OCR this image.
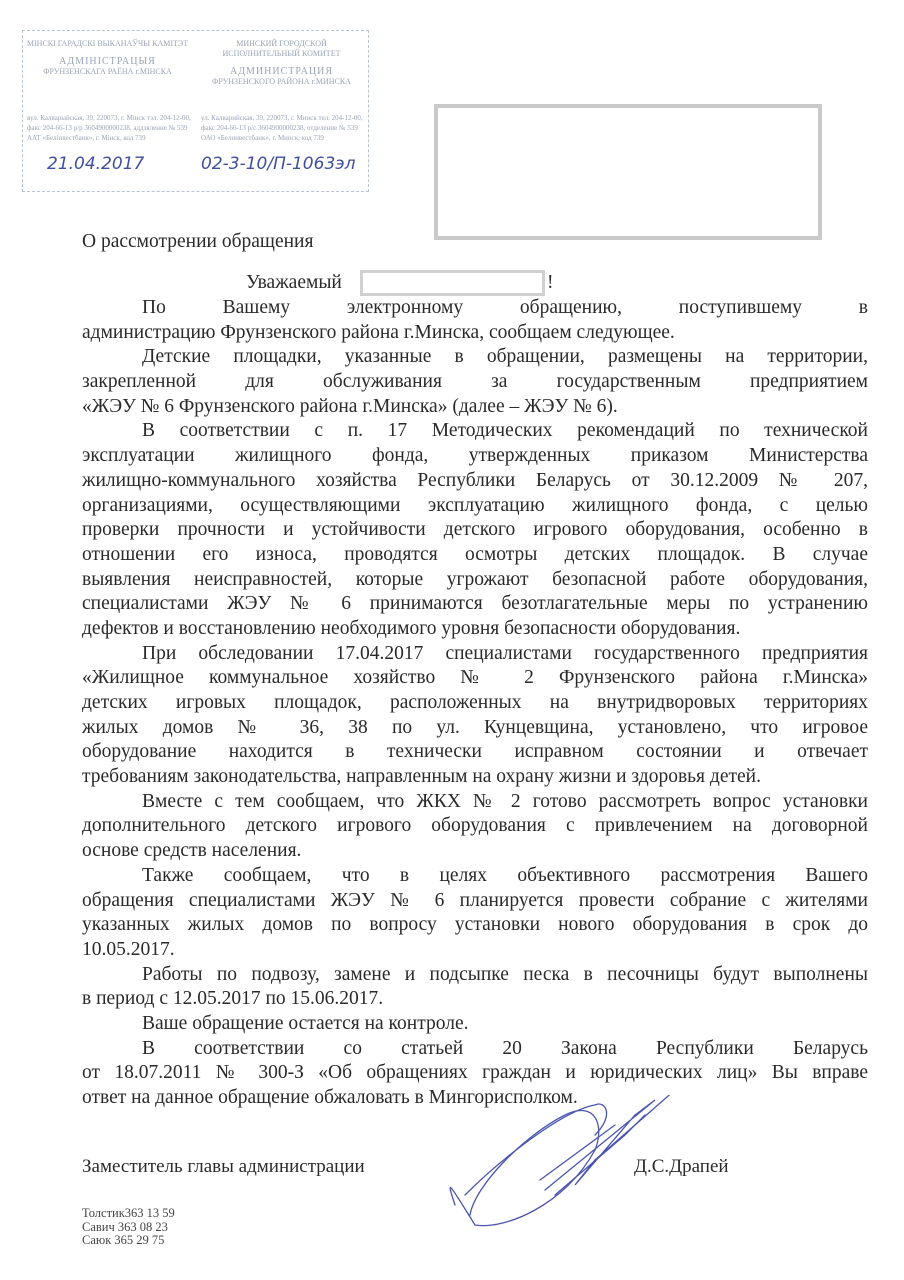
МІНСКІ ГАРАДСКІ ВЫКАНАЎЧЫ КАМІТЭТ
АДМІНІСТРАЦЫЯ
ФРУНЗЕНСКАГА РАЁНА г.МІНСКА
МИНСКИЙ ГОРОДСКОЙ ИСПОЛНИТЕЛЬНЫЙ КОМИТЕТ
АДМИНИСТРАЦИЯ
ФРУНЗЕНСКОГО РАЙОНА г.МИНСКА
вул. Калварыйская, 39, 220073, г. Мінск тэл. 204-12-00, факс 204-66-13 р/р 3604900000238, аддзяленне № 539 ААТ «Белінвестбанк», г. Мінск, код 739
ул. Калварийская, 39, 220073, г. Минск тел. 204-12-00, факс 204-66-13 р/с 3604900000238, отделение № 539 ОАО «Белинвестбанк», г. Минск, код 739
21.04.2017	02-3-10/П-1063эл
О рассмотрении обращения
Уважаемый	!
По Вашему электронному обращению, поступившему в
администрацию Фрунзенского района г.Минска, сообщаем следующее.
Детские площадки, указанные в обращении, размещены на территории,
закрепленной для обслуживания за государственным предприятием
«ЖЭУ № 6 Фрунзенского района г.Минска» (далее – ЖЭУ № 6).
В соответствии с п. 17 Методических рекомендаций по технической
эксплуатации жилищного фонда, утвержденных приказом Министерства
жилищно-коммунального хозяйства Республики Беларусь от 30.12.2009 № 207,
организациями, осуществляющими эксплуатацию жилищного фонда, с целью
проверки прочности и устойчивости детского игрового оборудования, особенно в
отношении его износа, проводятся осмотры детских площадок. В случае
выявления неисправностей, которые угрожают безопасной работе оборудования,
специалистами ЖЭУ № 6 принимаются безотлагательные меры по устранению
дефектов и восстановлению необходимого уровня безопасности оборудования.
При обследовании 17.04.2017 специалистами государственного предприятия
«Жилищное коммунальное хозяйство № 2 Фрунзенского района г.Минска»
детских игровых площадок, расположенных на внутридворовых территориях
жилых домов № 36, 38 по ул. Кунцевщина, установлено, что игровое
оборудование находится в технически исправном состоянии и отвечает
требованиям законодательства, направленным на охрану жизни и здоровья детей.
Вместе с тем сообщаем, что ЖКХ № 2 готово рассмотреть вопрос установки
дополнительного детского игрового оборудования с привлечением на договорной
основе средств населения.
Также сообщаем, что в целях объективного рассмотрения Вашего
обращения специалистами ЖЭУ № 6 планируется провести собрание с жителями
указанных жилых домов по вопросу установки нового оборудования в срок до
10.05.2017.
Работы по подвозу, замене и подсыпке песка в песочницы будут выполнены
в период с 12.05.2017 по 15.06.2017.
Ваше обращение остается на контроле.
В соответствии со статьей 20 Закона Республики Беларусь
от 18.07.2011 № 300-З «Об обращениях граждан и юридических лиц» Вы вправе
ответ на данное обращение обжаловать в Мингорисполком.
Заместитель главы администрации	Д.С.Драпей
Толстик363 13 59
Савич 363 08 23
Саюк 365 29 75
